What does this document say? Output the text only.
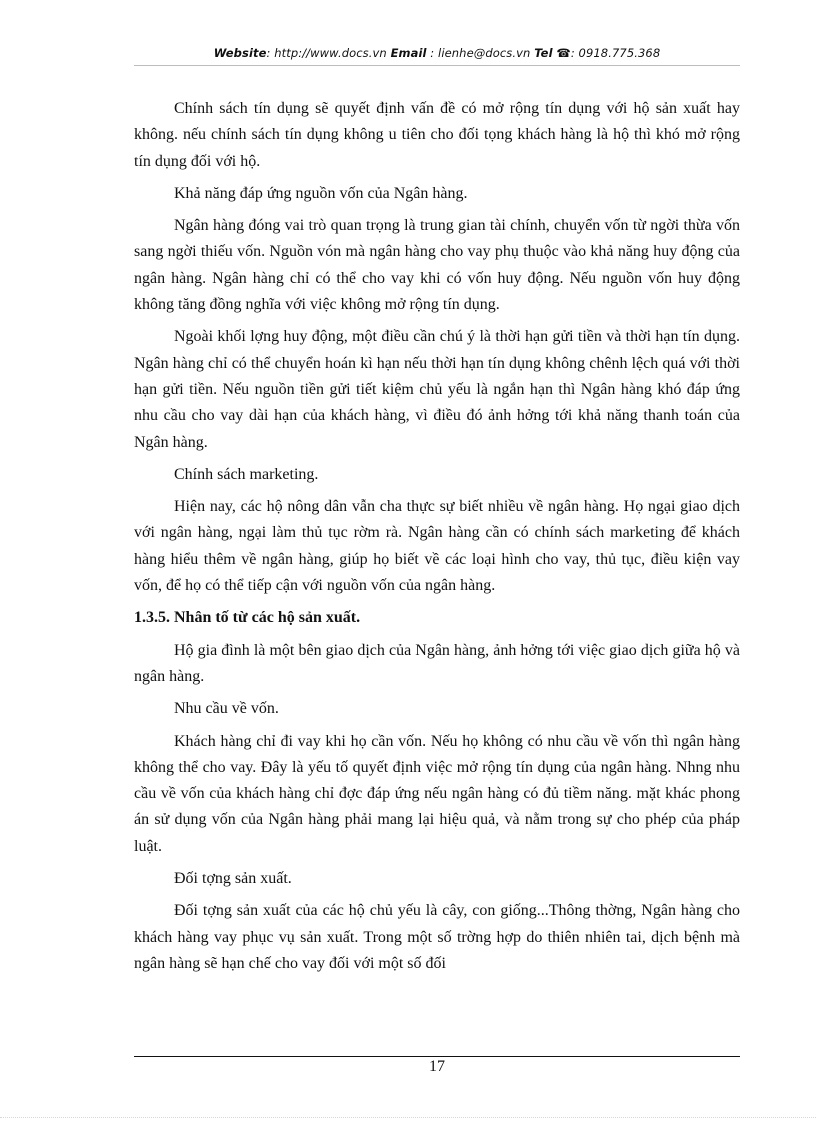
Website: http://www.docs.vn Email : lienhe@docs.vn Tel ☎: 0918.775.368

Chính sách tín dụng sẽ quyết định vấn đề có mở rộng tín dụng với hộ sản xuất hay không. nếu chính sách tín dụng không u tiên cho đối tọng khách hàng là hộ thì khó mở rộng tín dụng đối với hộ.

Khả năng đáp ứng nguồn vốn của Ngân hàng.

Ngân hàng đóng vai trò quan trọng là trung gian tài chính, chuyển vốn từ ngời thừa vốn sang ngời thiếu vốn. Nguồn vón mà ngân hàng cho vay phụ thuộc vào khả năng huy động của ngân hàng. Ngân hàng chỉ có thể cho vay khi có vốn huy động. Nếu nguồn vốn huy động không tăng đồng nghĩa với việc không mở rộng tín dụng.

Ngoài khối lợng huy động, một điều cần chú ý là thời hạn gửi tiền và thời hạn tín dụng. Ngân hàng chỉ có thể chuyển hoán kì hạn nếu thời hạn tín dụng không chênh lệch quá với thời hạn gửi tiền. Nếu nguồn tiền gửi tiết kiệm chủ yếu là ngắn hạn thì Ngân hàng khó đáp ứng nhu cầu cho vay dài hạn của khách hàng, vì điều đó ảnh hởng tới khả năng thanh toán của Ngân hàng.

Chính sách marketing.

Hiện nay, các hộ nông dân vẫn cha thực sự biết nhiều về ngân hàng. Họ ngại giao dịch với ngân hàng, ngại làm thủ tục rờm rà. Ngân hàng cần có chính sách marketing để khách hàng hiểu thêm về ngân hàng, giúp họ biết về các loại hình cho vay, thủ tục, điều kiện vay vốn, để họ có thể tiếp cận với nguồn vốn của ngân hàng.

1.3.5. Nhân tố từ các hộ sản xuất.

Hộ gia đình là một bên giao dịch của Ngân hàng, ảnh hởng tới việc giao dịch giữa hộ và ngân hàng.

Nhu cầu về vốn.

Khách hàng chỉ đi vay khi họ cần vốn. Nếu họ không có nhu cầu về vốn thì ngân hàng không thể cho vay. Đây là yếu tố quyết định việc mở rộng tín dụng của ngân hàng. Nhng nhu cầu về vốn của khách hàng chỉ đợc đáp ứng nếu ngân hàng có đủ tiềm năng. mặt khác phong án sử dụng vốn của Ngân hàng phải mang lại hiệu quả, và nằm trong sự cho phép của pháp luật.

Đối tợng sản xuất.

Đối tợng sản xuất của các hộ chủ yếu là cây, con giống...Thông thờng, Ngân hàng cho khách hàng vay phục vụ sản xuất. Trong một số trờng hợp do thiên nhiên tai, dịch bệnh mà ngân hàng sẽ hạn chế cho vay đối với một số đối

17
